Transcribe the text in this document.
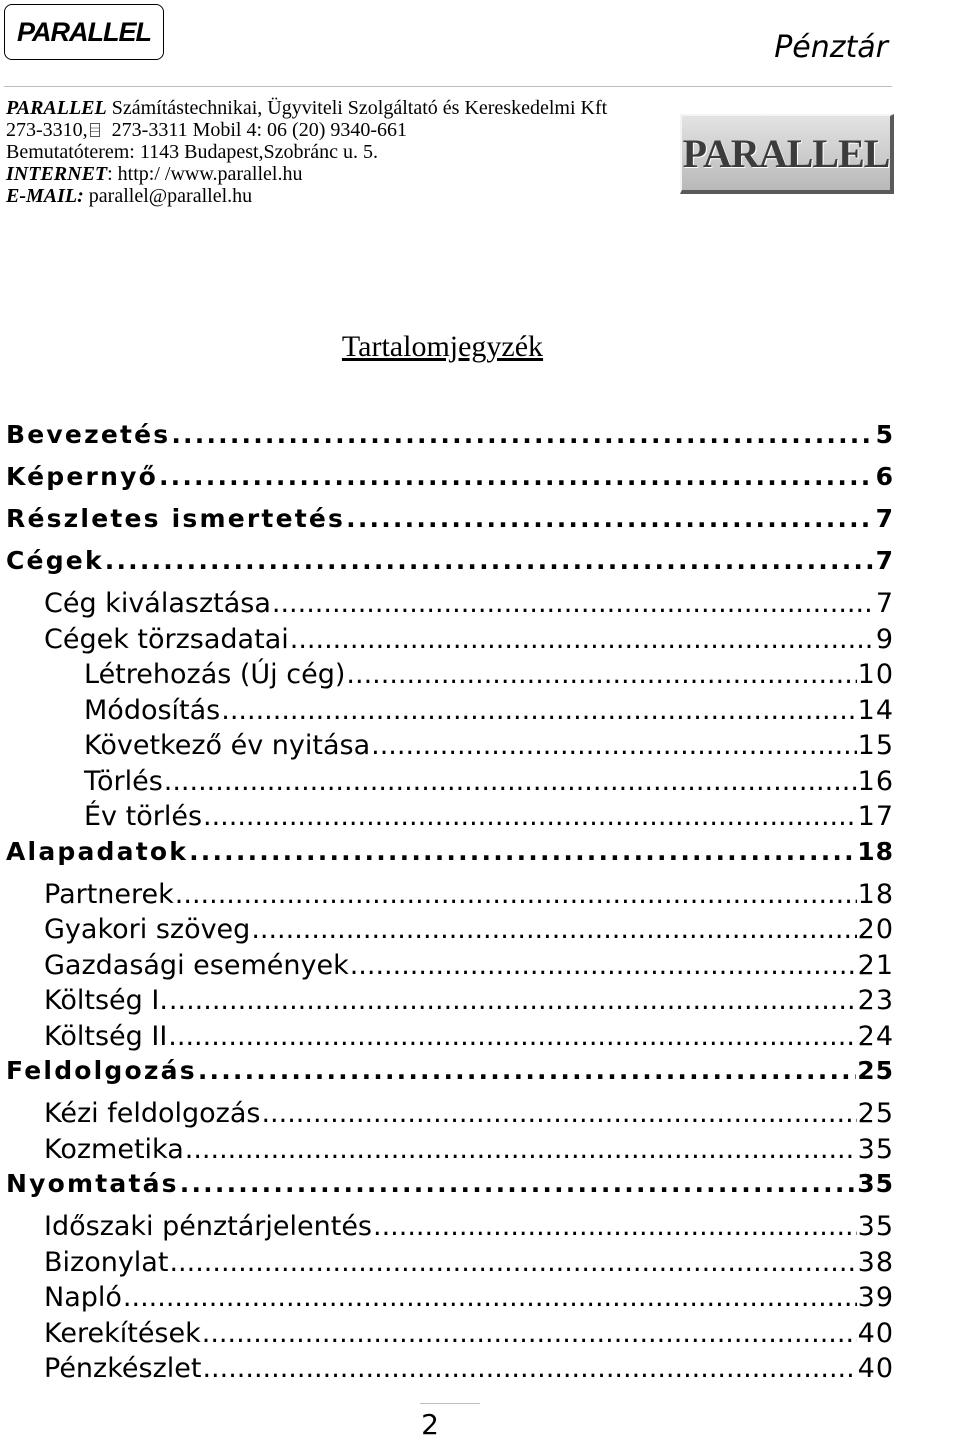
PARALLEL	Pénztár
PARALLEL Számítástechnikai, Ügyviteli Szolgáltató és Kereskedelmi Kft
273-3310, 273-3311 Mobil 4: 06 (20) 9340-661
Bemutatóterem: 1143 Budapest,Szobránc u. 5.
INTERNET: http:/ /www.parallel.hu
E-MAIL: parallel@parallel.hu
PARALLEL
Tartalomjegyzék
Bevezetés .....	5
Képernyő .....	6
Részletes ismertetés .....	7
Cégek .....	7
Cég kiválasztása .....	7
Cégek törzsadatai .....	9
Létrehozás (Új cég) .....	10
Módosítás .....	14
Következő év nyitása .....	15
Törlés .....	16
Év törlés .....	17
Alapadatok .....	18
Partnerek .....	18
Gyakori szöveg .....	20
Gazdasági események .....	21
Költség I. .....	23
Költség II .....	24
Feldolgozás .....	25
Kézi feldolgozás .....	25
Kozmetika .....	35
Nyomtatás .....	35
Időszaki pénztárjelentés .....	35
Bizonylat .....	38
Napló .....	39
Kerekítések .....	40
Pénzkészlet .....	40
2
